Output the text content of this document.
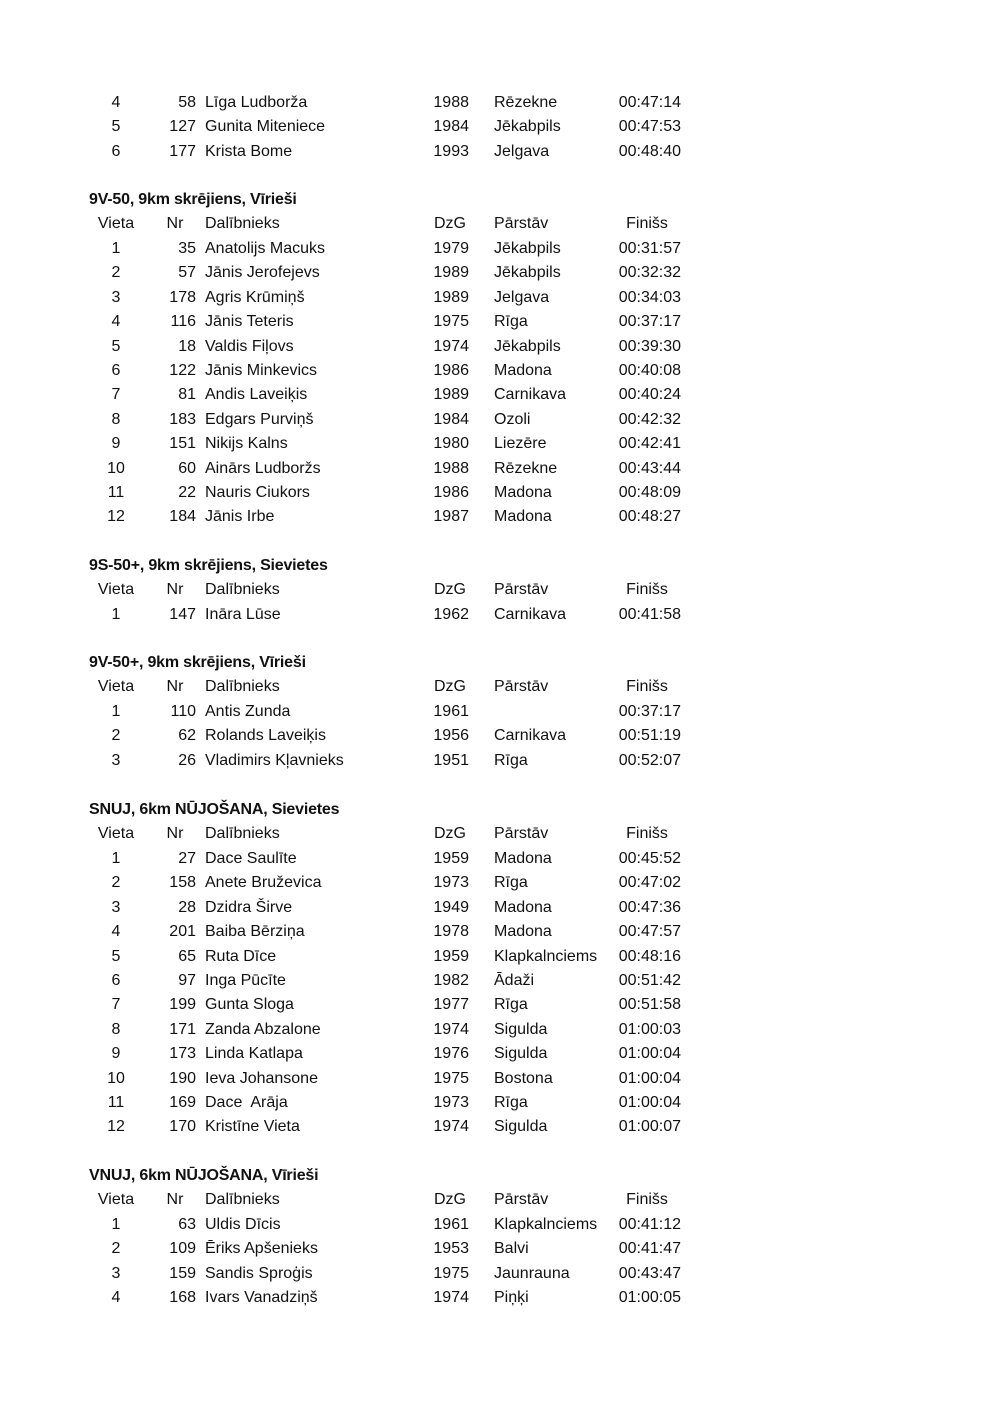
4	58 Līga Ludborža	1988 Rēzekne	00:47:14
5	127 Gunita Miteniece	1984 Jēkabpils	00:47:53
6	177 Krista Bome	1993 Jelgava	00:48:40
9V-50, 9km skrējiens, Vīrieši
Vieta	Nr	Dalībnieks	DzG	Pārstāv	Finišs
1	35 Anatolijs Macuks	1979 Jēkabpils	00:31:57
2	57 Jānis Jerofejevs	1989 Jēkabpils	00:32:32
3	178 Agris Krūmiņš	1989 Jelgava	00:34:03
4	116 Jānis Teteris	1975 Rīga	00:37:17
5	18 Valdis Fiļovs	1974 Jēkabpils	00:39:30
6	122 Jānis Minkevics	1986 Madona	00:40:08
7	81 Andis Laveiķis	1989 Carnikava	00:40:24
8	183 Edgars Purviņš	1984 Ozoli	00:42:32
9	151 Nikijs Kalns	1980 Liezēre	00:42:41
10	60 Ainārs Ludboržs	1988 Rēzekne	00:43:44
11	22 Nauris Ciukors	1986 Madona	00:48:09
12	184 Jānis Irbe	1987 Madona	00:48:27
9S-50+, 9km skrējiens, Sievietes
Vieta	Nr	Dalībnieks	DzG	Pārstāv	Finišs
1	147 Ināra Lūse	1962 Carnikava	00:41:58
9V-50+, 9km skrējiens, Vīrieši
Vieta	Nr	Dalībnieks	DzG	Pārstāv	Finišs
1	110 Antis Zunda	1961	00:37:17
2	62 Rolands Laveiķis	1956 Carnikava	00:51:19
3	26 Vladimirs Kļavnieks	1951 Rīga	00:52:07
SNUJ, 6km NŪJOŠANA, Sievietes
Vieta	Nr	Dalībnieks	DzG	Pārstāv	Finišs
1	27 Dace Saulīte	1959 Madona	00:45:52
2	158 Anete Bruževica	1973 Rīga	00:47:02
3	28 Dzidra Širve	1949 Madona	00:47:36
4	201 Baiba Bērziņa	1978 Madona	00:47:57
5	65 Ruta Dīce	1959 Klapkalnciems	00:48:16
6	97 Inga Pūcīte	1982 Ādaži	00:51:42
7	199 Gunta Sloga	1977 Rīga	00:51:58
8	171 Zanda Abzalone	1974 Sigulda	01:00:03
9	173 Linda Katlapa	1976 Sigulda	01:00:04
10	190 Ieva Johansone	1975 Bostona	01:00:04
11	169 Dace  Arāja	1973 Rīga	01:00:04
12	170 Kristīne Vieta	1974 Sigulda	01:00:07
VNUJ, 6km NŪJOŠANA, Vīrieši
Vieta	Nr	Dalībnieks	DzG	Pārstāv	Finišs
1	63 Uldis Dīcis	1961 Klapkalnciems	00:41:12
2	109 Ēriks Apšenieks	1953 Balvi	00:41:47
3	159 Sandis Sproģis	1975 Jaunrauna	00:43:47
4	168 Ivars Vanadziņš	1974 Piņķi	01:00:05
